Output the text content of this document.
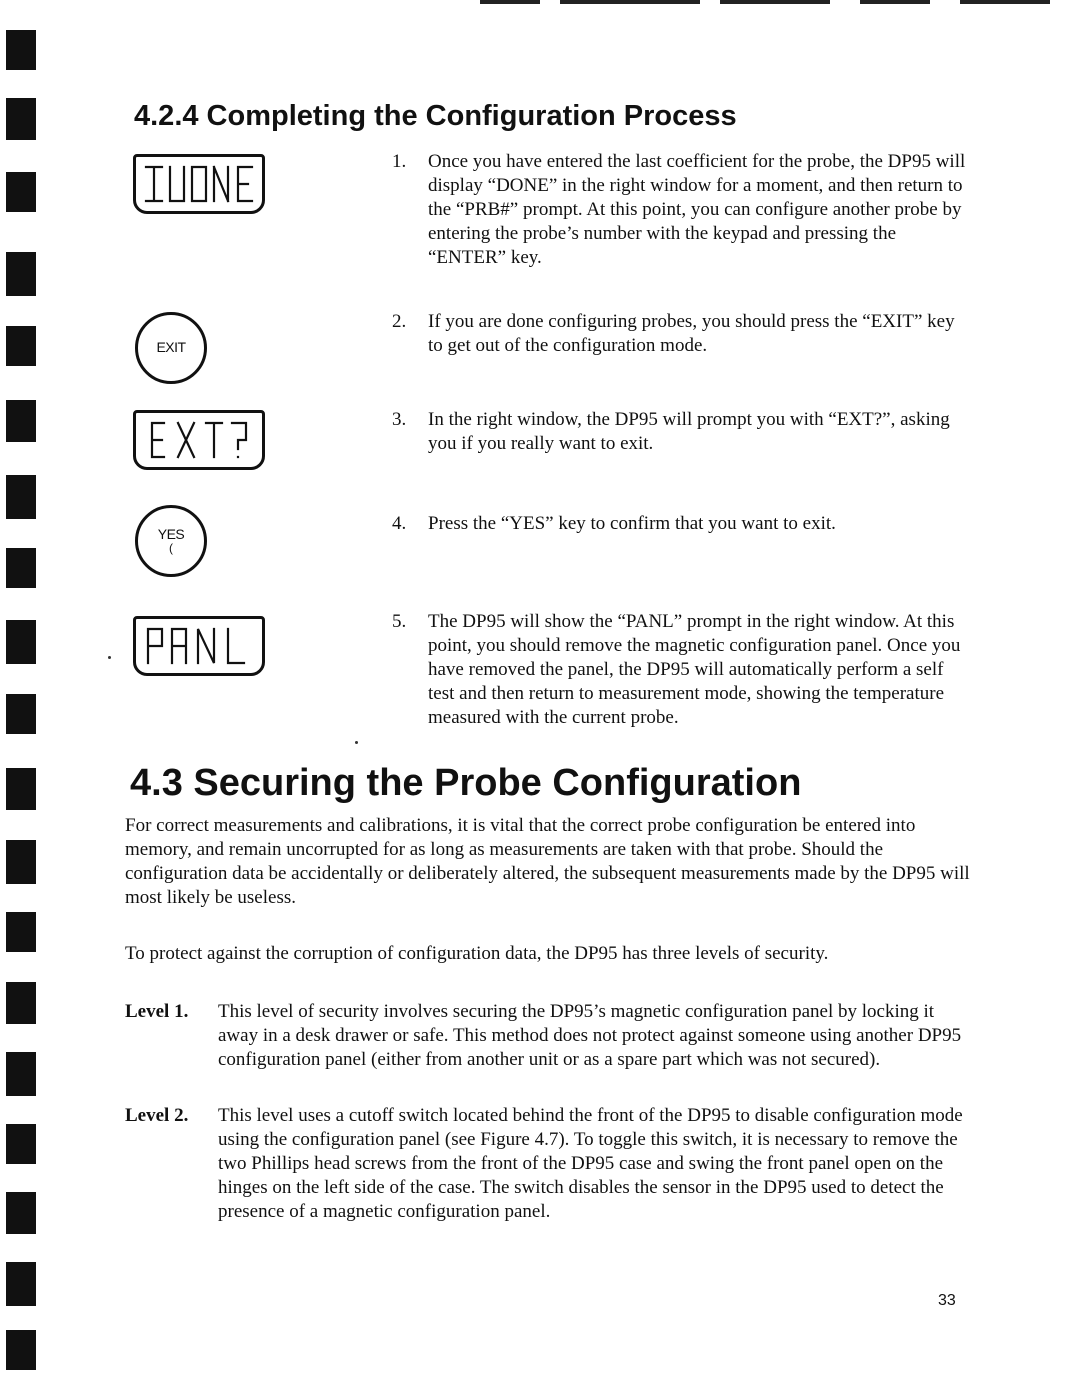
4.2.4 Completing the Configuration Process
EXIT
YES
(
1.	Once you have entered the last coefficient for the probe, the DP95 will display “DONE” in the right window for a moment, and then return to the “PRB#” prompt. At this point, you can configure another probe by entering the probe’s number with the keypad and pressing the “ENTER” key.
2.	If you are done configuring probes, you should press the “EXIT” key to get out of the configuration mode.
3.	In the right window, the DP95 will prompt you with “EXT?”, asking you if you really want to exit.
4.	Press the “YES” key to confirm that you want to exit.
5.	The DP95 will show the “PANL” prompt in the right window. At this point, you should remove the magnetic configuration panel. Once you have removed the panel, the DP95 will automatically perform a self test and then return to measurement mode, showing the temperature measured with the current probe.
4.3 Securing the Probe Configuration

For correct measurements and calibrations, it is vital that the correct probe configuration be entered into memory, and remain uncorrupted for as long as measurements are taken with that probe. Should the configuration data be accidentally or deliberately altered, the subsequent measurements made by the DP95 will most likely be useless.

To protect against the corruption of configuration data, the DP95 has three levels of security.

Level 1. This level of security involves securing the DP95’s magnetic configuration panel by locking it away in a desk drawer or safe. This method does not protect against someone using another DP95 configuration panel (either from another unit or as a spare part which was not secured).
Level 2. This level uses a cutoff switch located behind the front of the DP95 to disable configuration mode using the configuration panel (see Figure 4.7). To toggle this switch, it is necessary to remove the two Phillips head screws from the front of the DP95 case and swing the front panel open on the hinges on the left side of the case. The switch disables the sensor in the DP95 used to detect the presence of a magnetic configuration panel.
33
